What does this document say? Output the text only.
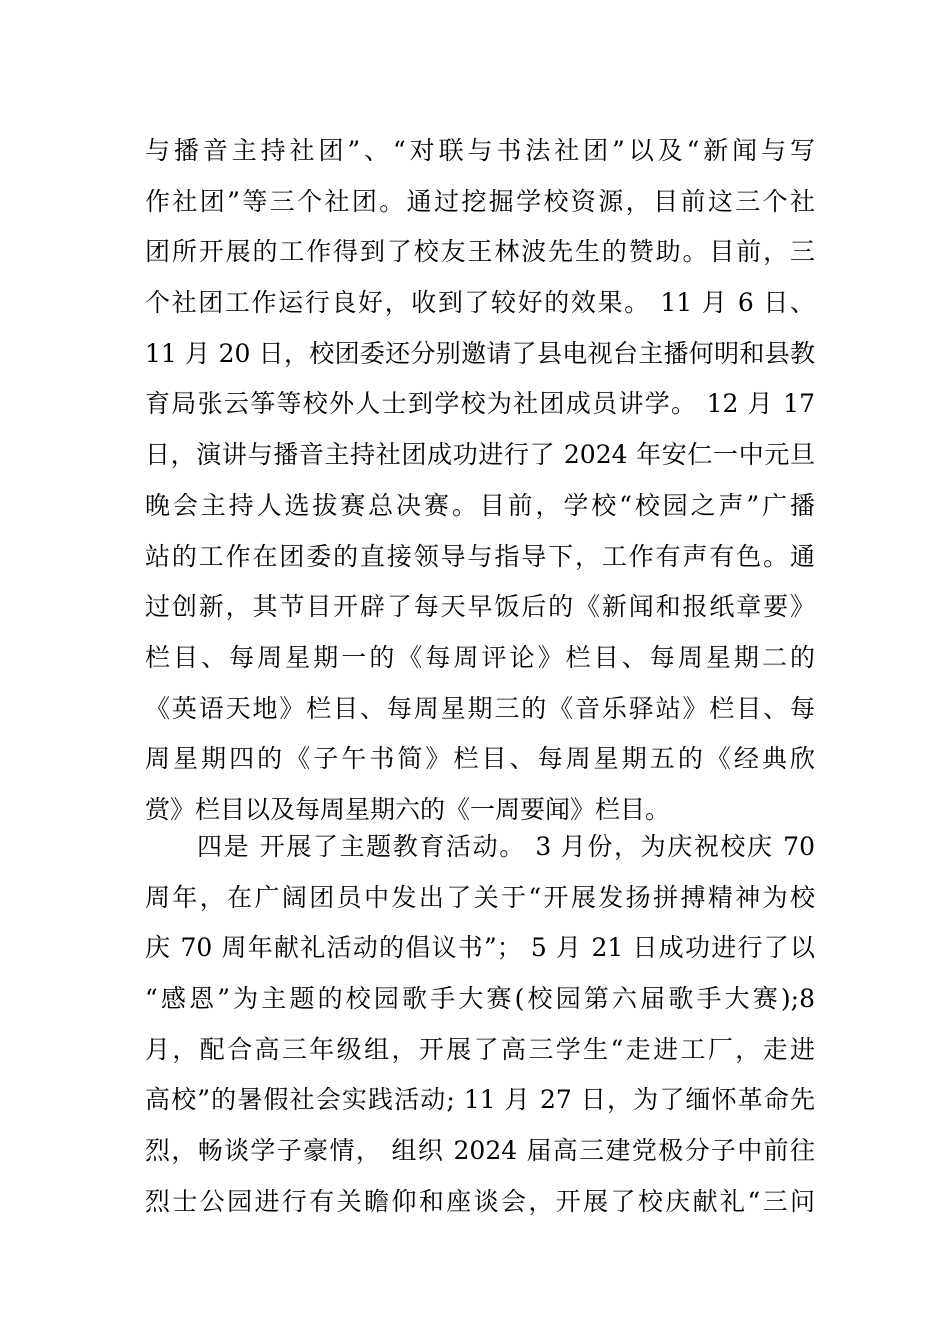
与播音主持社团”、“对联与书法社团”以及“新闻与写
作社团”等三个社团。通过挖掘学校资源，目前这三个社
团所开展的工作得到了校友王林波先生的赞助。目前，三
个社团工作运行良好，收到了较好的效果。 11 月 6 日、
11 月 20 日，校团委还分别邀请了县电视台主播何明和县教
育局张云筝等校外人士到学校为社团成员讲学。 12 月 17
日，演讲与播音主持社团成功进行了 2024 年安仁一中元旦
晚会主持人选拔赛总决赛。目前，学校“校园之声”广播
站的工作在团委的直接领导与指导下，工作有声有色。通
过创新，其节目开辟了每天早饭后的《新闻和报纸章要》
栏目、每周星期一的《每周评论》栏目、每周星期二的
《英语天地》栏目、每周星期三的《音乐驿站》栏目、每
周星期四的《子午书简》栏目、每周星期五的《经典欣
赏》栏目以及每周星期六的《一周要闻》栏目。
四是 开展了主题教育活动。 3 月份，为庆祝校庆 70
周年，在广阔团员中发出了关于“开展发扬拼搏精神为校
庆 70 周年献礼活动的倡议书”； 5 月 21 日成功进行了以
“感恩”为主题的校园歌手大赛(校园第六届歌手大赛);8
月，配合高三年级组，开展了高三学生“走进工厂，走进
高校”的暑假社会实践活动; 11 月 27 日，为了缅怀革命先
烈，畅谈学子豪情， 组织 2024 届高三建党极分子中前往
烈士公园进行有关瞻仰和座谈会，开展了校庆献礼“三问
